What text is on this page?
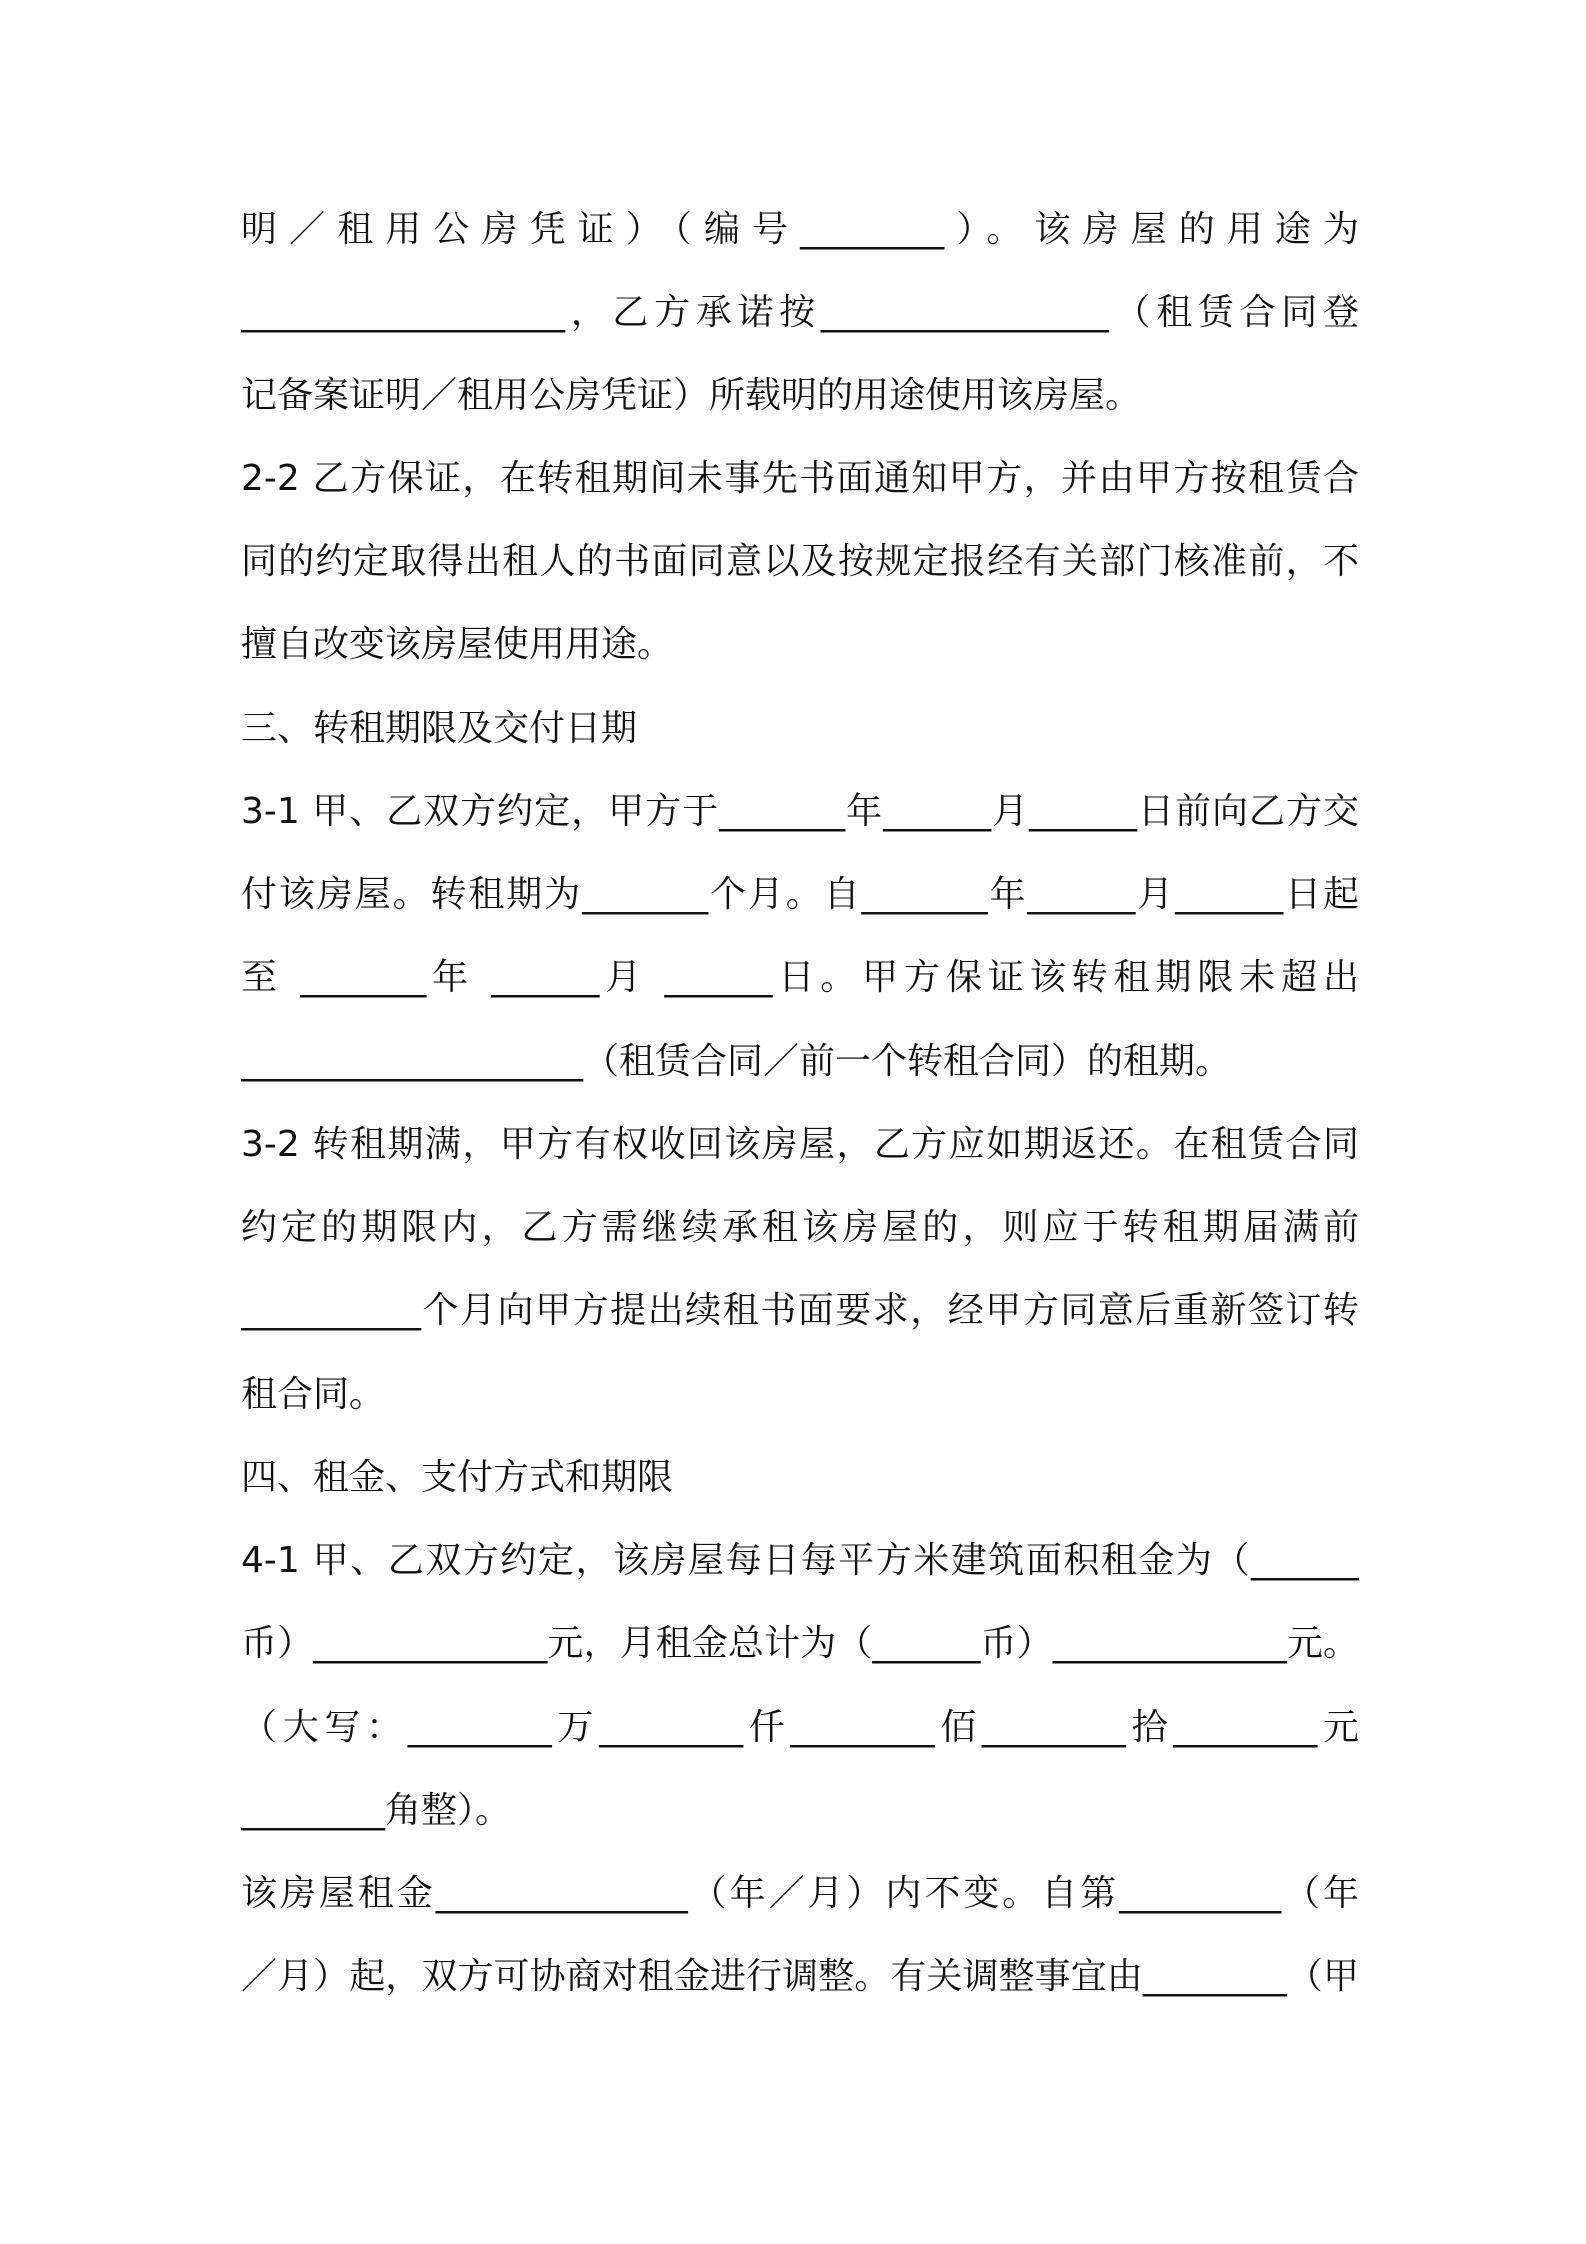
明／租用公房凭证）（编号________）。该房屋的用途为
__________________，乙方承诺按________________（租赁合同登
记备案证明／租用公房凭证）所载明的用途使用该房屋。
2-2 乙方保证，在转租期间未事先书面通知甲方，并由甲方按租赁合
同的约定取得出租人的书面同意以及按规定报经有关部门核准前，不
擅自改变该房屋使用用途。
三、转租期限及交付日期
3-1 甲、乙双方约定，甲方于_______年______月______日前向乙方交
付该房屋。转租期为_______个月。自_______年______月______日起
至 _______年 ______月 ______日。甲方保证该转租期限未超出
___________________（租赁合同／前一个转租合同）的租期。
3-2 转租期满，甲方有权收回该房屋，乙方应如期返还。在租赁合同
约定的期限内，乙方需继续承租该房屋的，则应于转租期届满前
__________个月向甲方提出续租书面要求，经甲方同意后重新签订转
租合同。
四、租金、支付方式和期限
4-1 甲、乙双方约定，该房屋每日每平方米建筑面积租金为（______
币）_____________元，月租金总计为（______币）_____________元。
（大写：________万________仟________佰________拾________元
________角整）。
该房屋租金______________（年／月）内不变。自第_________（年
／月）起，双方可协商对租金进行调整。有关调整事宜由________（甲
